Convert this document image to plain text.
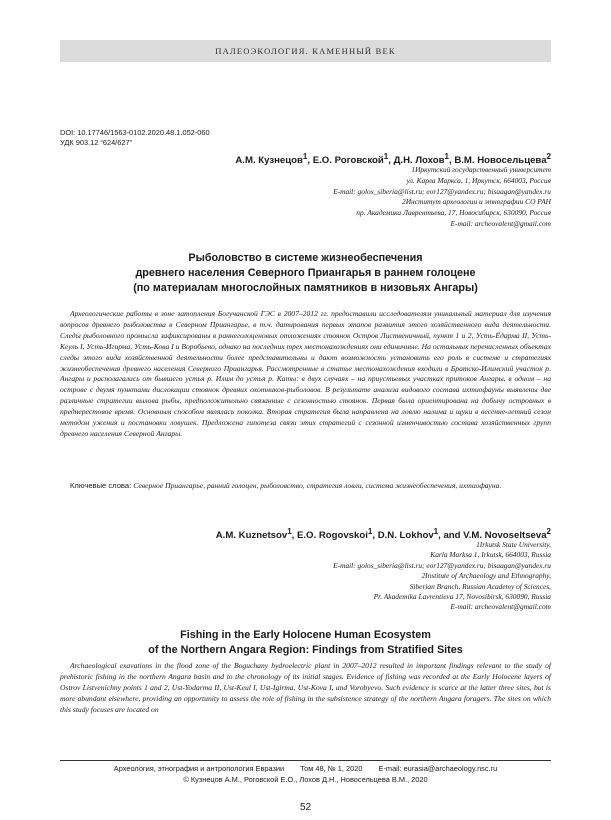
ПАЛЕОЭКОЛОГИЯ. КАМЕННЫЙ ВЕК
DOI: 10.17746/1563-0102.2020.48.1.052-060
УДК 903.12 “624/627”
А.М. Кузнецов$^1$, Е.О. Роговской$^1$, Д.Н. Лохов$^1$, В.М. Новосельцева$^2$
1Иркутский государственный университет
ул. Карла Маркса, 1, Иркутск, 664003, Россия
E-mail: golos_siberia@list.ru; eor127@yandex.ru; bisaagan@yandex.ru
2Институт археологии и этнографии СО РАН
пр. Академика Лаврентьева, 17, Новосибирск, 630090, Россия
E-mail: archeovalent@gmail.com
Рыболовство в системе жизнеобеспечения
древнего населения Северного Приангарья в раннем голоцене
(по материалам многослойных памятников в низовьях Ангары)
Археологические работы в зоне затопления Богучанской ГЭС в 2007–2012 гг. предоставили исследователям уникальный материал для изучения вопросов древнего рыболовства в Северном Приангарье, в т.ч. датирования первых этапов развития этого хозяйственного вида деятельности. Следы рыболовного промысла зафиксированы в раннеголоценовых отложениях стоянок Остров Лиственичный, пункт 1 и 2, Усть-Ёдарма II, Усть-Кеуль I, Усть-Игирма, Усть-Кова I и Воробьево, однако на последних трех местонахождениях они единичные. На остальных перечисленных объектах следы этого вида хозяйственной деятельности более представительны и дают возможность установить его роль в системе и стратегиях жизнеобеспечения древнего населения Северного Приангарья. Рассмотренные в статье местонахождения входили в Братско-Илимский участок р. Ангары и располагались от бывшего устья р. Илим до устья р. Каты: в двух случаях – на приустьевых участках притоков Ангары, в одном – на острове с двумя пунктами дислокации стоянок древних охотников-рыболовов. В результате анализа видового состава ихтиофауны выявлены две различные стратегии вылова рыбы, предположительно связанные с сезонностью стоянок. Первая была ориентирована на добычу островных в преднерестовое время. Основным способом являлась поколка. Вторая стратегия была направлена на ловлю налима и щуки в весенне-летний сезон методом ужения и постановки ловушек. Предложена гипотеза связи этих стратегий с сезонной изменчивостью состава хозяйственных групп древнего населения Северной Ангары.
Ключевые слова: Северное Приангарье, ранний голоцен, рыболовство, стратегия ловли, система жизнеобеспечения, ихтиофауна.
A.M. Kuznetsov$^1$, E.O. Rogovskoi$^1$, D.N. Lokhov$^1$, and V.M. Novoseltseva$^2$
1Irkutsk State University,
Karla Marksa 1, Irkutsk, 664003, Russia
E-mail: golos_siberia@list.ru; eor127@yandex.ru; bisaagan@yandex.ru
2Institute of Archaeology and Ethnography,
Siberian Branch, Russian Academy of Sciences,
Pr. Akademika Lavrentieva 17, Novosibirsk, 630090, Russia
E-mail: archeovalent@gmail.com
Fishing in the Early Holocene Human Ecosystem
of the Northern Angara Region: Findings from Stratified Sites
Archaeological exavations in the flood zone of the Boguchany hydroelectric plant in 2007–2012 resulted in important findings relevant to the study of prehistoric fishing in the northern Angara basin and to the chronology of its initial stages. Evidence of fishing was recorded at the Early Holocene layers of Ostrov Listvenichny points 1 and 2, Ust-Yodarma II, Ust-Keul I, Ust-Igirma, Ust-Kova I, and Vorobyevo. Such evidence is scarce at the latter three sites, but is more abundant elsewhere, providing an opportunity to assess the role of fishing in the subsistence strategy of the northern Angara foragers. The sites on which this study focuses are located on
Археология, этнография и антропология Евразии Том 48, № 1, 2020 E-mail: eurasia@archaeology.nsc.ru
© Кузнецов А.М., Роговской Е.О., Лохов Д.Н., Новосельцева В.М., 2020
52
